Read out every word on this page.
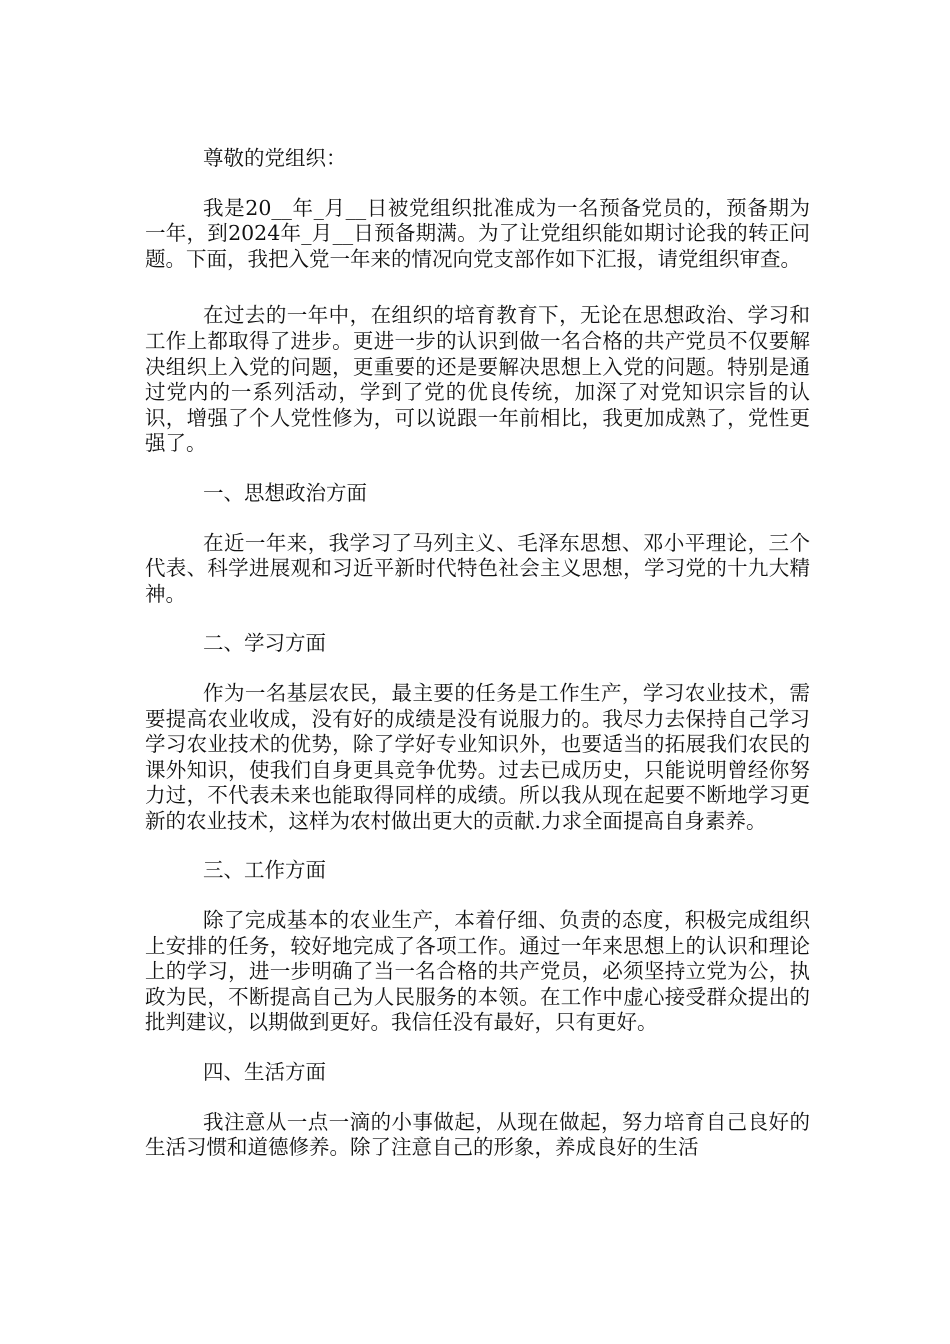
尊敬的党组织：

我是20__年_月__日被党组织批准成为一名预备党员的，预备期为一年，到2024年_月__日预备期满。为了让党组织能如期讨论我的转正问题。下面，我把入党一年来的情况向党支部作如下汇报，请党组织审查。

在过去的一年中，在组织的培育教育下，无论在思想政治、学习和工作上都取得了进步。更进一步的认识到做一名合格的共产党员不仅要解决组织上入党的问题，更重要的还是要解决思想上入党的问题。特别是通过党内的一系列活动，学到了党的优良传统，加深了对党知识宗旨的认识，增强了个人党性修为，可以说跟一年前相比，我更加成熟了，党性更强了。

一、思想政治方面

在近一年来，我学习了马列主义、毛泽东思想、邓小平理论，三个代表、科学进展观和习近平新时代特色社会主义思想，学习党的十九大精神。

二、学习方面

作为一名基层农民，最主要的任务是工作生产，学习农业技术，需要提高农业收成，没有好的成绩是没有说服力的。我尽力去保持自己学习学习农业技术的优势，除了学好专业知识外，也要适当的拓展我们农民的课外知识，使我们自身更具竞争优势。过去已成历史，只能说明曾经你努力过，不代表未来也能取得同样的成绩。所以我从现在起要不断地学习更新的农业技术，这样为农村做出更大的贡献.力求全面提高自身素养。

三、工作方面

除了完成基本的农业生产，本着仔细、负责的态度，积极完成组织上安排的任务，较好地完成了各项工作。通过一年来思想上的认识和理论上的学习，进一步明确了当一名合格的共产党员，必须坚持立党为公，执政为民，不断提高自己为人民服务的本领。在工作中虚心接受群众提出的批判建议，以期做到更好。我信任没有最好，只有更好。

四、生活方面

我注意从一点一滴的小事做起，从现在做起，努力培育自己良好的生活习惯和道德修养。除了注意自己的形象，养成良好的生活
